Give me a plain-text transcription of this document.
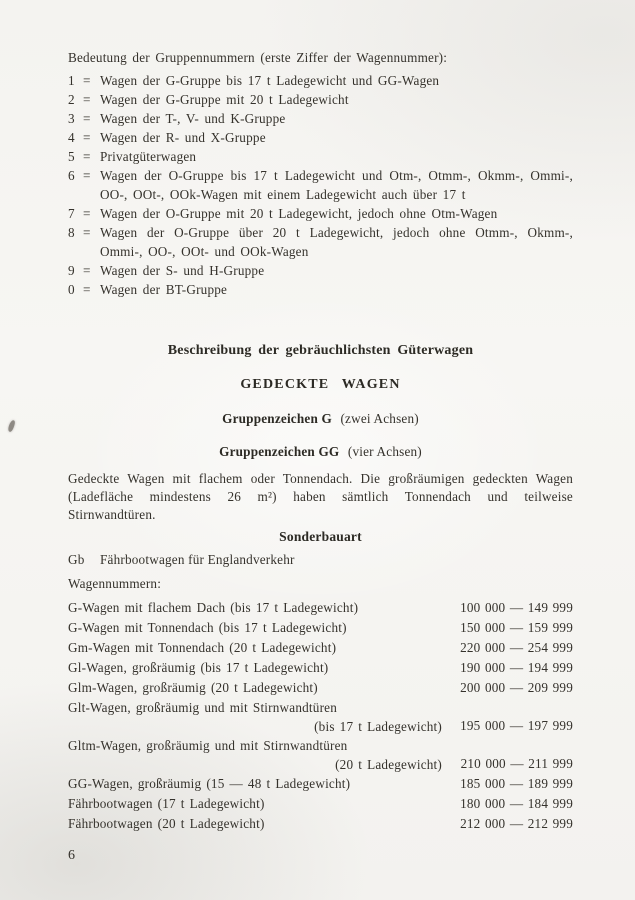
Bedeutung der Gruppennummern (erste Ziffer der Wagennummer):
1 = Wagen der G-Gruppe bis 17 t Ladegewicht und GG-Wagen
2 = Wagen der G-Gruppe mit 20 t Ladegewicht
3 = Wagen der T-, V- und K-Gruppe
4 = Wagen der R- und X-Gruppe
5 = Privatgüterwagen
6 = Wagen der O-Gruppe bis 17 t Ladegewicht und Otm-, Otmm-, Okmm-, Ommi-, OO-, OOt-, OOk-Wagen mit einem Ladegewicht auch über 17 t
7 = Wagen der O-Gruppe mit 20 t Ladegewicht, jedoch ohne Otm-Wagen
8 = Wagen der O-Gruppe über 20 t Ladegewicht, jedoch ohne Otmm-, Okmm-, Ommi-, OO-, OOt- und OOk-Wagen
9 = Wagen der S- und H-Gruppe
0 = Wagen der BT-Gruppe
Beschreibung der gebräuchlichsten Güterwagen
GEDECKTE WAGEN
Gruppenzeichen G (zwei Achsen)
Gruppenzeichen GG (vier Achsen)
Gedeckte Wagen mit flachem oder Tonnendach. Die großräumigen gedeckten Wagen (Ladefläche mindestens 26 m²) haben sämtlich Tonnendach und teilweise Stirnwandtüren.
Sonderbauart
Gb	Fährbootwagen für Englandverkehr
Wagennummern:
G-Wagen mit flachem Dach (bis 17 t Ladegewicht)	100 000 — 149 999
G-Wagen mit Tonnendach (bis 17 t Ladegewicht)	150 000 — 159 999
Gm-Wagen mit Tonnendach (20 t Ladegewicht)	220 000 — 254 999
Gl-Wagen, großräumig (bis 17 t Ladegewicht)	190 000 — 194 999
Glm-Wagen, großräumig (20 t Ladegewicht)	200 000 — 209 999
Glt-Wagen, großräumig und mit Stirnwandtüren
(bis 17 t Ladegewicht)	195 000 — 197 999
Gltm-Wagen, großräumig und mit Stirnwandtüren
(20 t Ladegewicht)	210 000 — 211 999
GG-Wagen, großräumig (15 — 48 t Ladegewicht)	185 000 — 189 999
Fährbootwagen (17 t Ladegewicht)	180 000 — 184 999
Fährbootwagen (20 t Ladegewicht)	212 000 — 212 999
6
